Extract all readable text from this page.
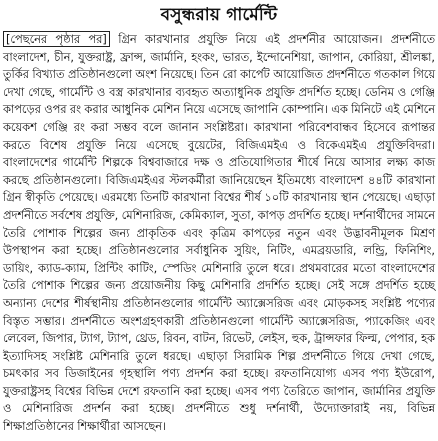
বসুন্ধরায় গার্মেন্টি

[পেছনের পৃষ্ঠার পর] গ্রিন কারখানার প্রযুক্তি নিয়ে এই প্রদর্শনীর আয়োজন। প্রদর্শনীতে বাংলাদেশ, চীন, যুক্তরাষ্ট্র, ফ্রান্স, জার্মানি, হংকং, ভারত, ইন্দোনেশিয়া, জাপান, কোরিয়া, শ্রীলঙ্কা, তুর্কির বিখ্যাত প্রতিষ্ঠানগুলো অংশ নিয়েছে। তিন রো কার্পেট আয়োজিত প্রদর্শনীতে গতকাল গিয়ে দেখা গেছে, গার্মেন্টি ও বস্ত্র কারখানার ব্যবহৃত অত্যাধুনিক প্রযুক্তি প্রদর্শিত হচ্ছে। ডেনিম ও গেঞ্জি কাপড়ের ওপর রং করার আধুনিক মেশিন নিয়ে এসেছে জাপানি কোম্পানি। এক মিনিটে এই মেশিনে কয়েকশ গেঞ্জি রং করা সম্ভব বলে জানান সংশ্লিষ্টরা। কারখানা পরিবেশবান্ধব হিসেবে রূপান্তর করতে বিশেষ প্রযুক্তি নিয়ে এসেছে বুয়েটের, বিজিএমইএ ও বিকেএমইএ প্রযুক্তিবিদরা। বাংলাদেশের গার্মেন্টি শিল্পকে বিশ্ববাজারে দক্ষ ও প্রতিযোগিতার শীর্ষে নিয়ে আসার লক্ষ্য কাজ করছে প্রতিষ্ঠানগুলো। বিজিএমইএর স্টলকর্মীরা জানিয়েছেন ইতিমধ্যে বাংলাদেশ ৪৪টি কারখানা গ্রিন স্বীকৃতি পেয়েছে। এরমধ্যে তিনটি কারখানা বিশ্বের শীর্ষ ১০টি কারখানায় স্থান পেয়েছে। এছাড়া প্রদর্শনীতে সর্বশেষ প্রযুক্তি, মেশিনারিজ, কেমিক্যাল, সুতা, কাপড় প্রদর্শিত হচ্ছে। দর্শনার্থীদের সামনে তৈরি পোশাক শিল্পের জন্য প্রাকৃতিক এবং কৃত্রিম কাপড়ের নতুন এবং উদ্ভাবনীমূলক মিশ্রণ উপস্থাপন করা হচ্ছে। প্রতিষ্ঠানগুলোর সর্বাধুনিক সুয়িং, নিটিং, এমব্রয়ডারি, লন্ড্রি, ফিনিশিং, ডায়িং, ক্যাড-ক্যাম, প্রিন্টিং কাটিং, স্পেডিং মেশিনারি তুলে ধরে। প্রথমবারের মতো বাংলাদেশের তৈরি পোশাক শিল্পের জন্য প্রয়োজনীয় কিছু মেশিনারি প্রদর্শিত হচ্ছে। সেই সঙ্গে প্রদর্শিত হচ্ছে অন্যান্য দেশের শীর্ষস্থানীয় প্রতিষ্ঠানগুলোর গার্মেন্টি অ্যাক্সেসরিজ এবং মোড়কসহ সংশ্লিষ্ট পণ্যের বিস্তৃত সম্ভার। প্রদর্শনীতে অংশগ্রহণকারী প্রতিষ্ঠানগুলো গার্মেন্টি অ্যাক্সেসরিজ, প্যাকেজিং এবং লেবেল, জিপার, ট্যাগ, ট্যাপ, থ্রেড, রিবন, বাটন, রিভেট, লেইস, হুক, ট্রান্সফার ফিল্ম, পেপার, হক ইত্যাদিসহ সংশ্লিষ্ট মেশিনারি তুলে ধরছে। এছাড়া সিরামিক শিল্প প্রদর্শনীতে গিয়ে দেখা গেছে, চমৎকার সব ডিজাইনের গৃহস্থালি পণ্য প্রদর্শন করা হচ্ছে। রফতানিযোগ্য এসব পণ্য ইউরোপ, যুক্তরাষ্ট্রসহ বিশ্বের বিভিন্ন দেশে রফতানি করা হচ্ছে। এসব পণ্য তৈরিতে জাপান, জার্মানির প্রযুক্তি ও মেশিনারিজ প্রদর্শন করা হচ্ছে। প্রদর্শনীতে শুধু দর্শনার্থী, উদ্যোক্তারাই নয়, বিভিন্ন শিক্ষাপ্রতিষ্ঠানের শিক্ষার্থীরা আসছেন।
